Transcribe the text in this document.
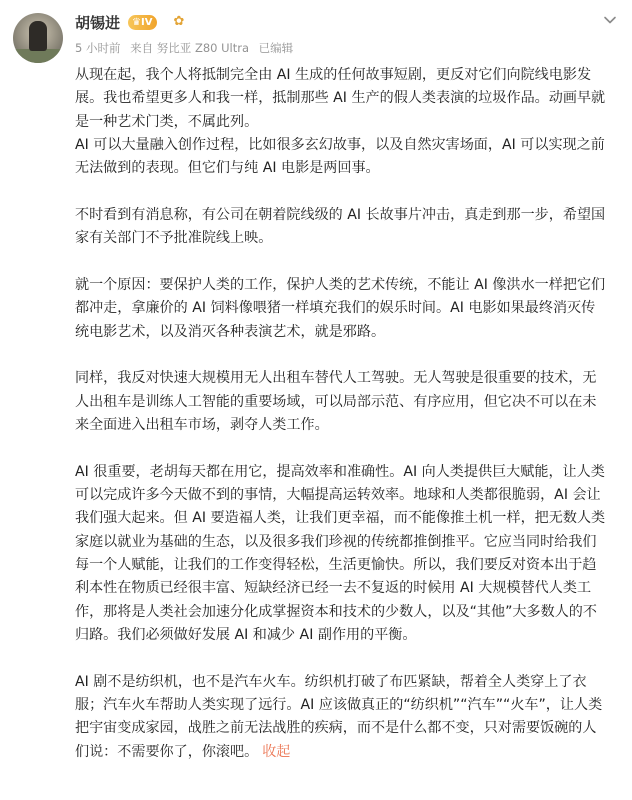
胡锡进	♛IV	✿
5 小时前 来自 努比亚 Z80 Ultra 已编辑

从现在起，我个人将抵制完全由 AI 生成的任何故事短剧，更反对它们向院线电影发展。我也希望更多人和我一样，抵制那些 AI 生产的假人类表演的垃圾作品。动画早就是一种艺术门类，不属此列。

AI 可以大量融入创作过程，比如很多玄幻故事，以及自然灾害场面，AI 可以实现之前无法做到的表现。但它们与纯 AI 电影是两回事。

不时看到有消息称，有公司在朝着院线级的 AI 长故事片冲击，真走到那一步，希望国家有关部门不予批准院线上映。

就一个原因：要保护人类的工作，保护人类的艺术传统，不能让 AI 像洪水一样把它们都冲走，拿廉价的 AI 饲料像喂猪一样填充我们的娱乐时间。AI 电影如果最终消灭传统电影艺术，以及消灭各种表演艺术，就是邪路。

同样，我反对快速大规模用无人出租车替代人工驾驶。无人驾驶是很重要的技术，无人出租车是训练人工智能的重要场域，可以局部示范、有序应用，但它决不可以在未来全面进入出租车市场，剥夺人类工作。

AI 很重要，老胡每天都在用它，提高效率和准确性。AI 向人类提供巨大赋能，让人类可以完成许多今天做不到的事情，大幅提高运转效率。地球和人类都很脆弱，AI 会让我们强大起来。但 AI 要造福人类，让我们更幸福，而不能像推土机一样，把无数人类家庭以就业为基础的生态，以及很多我们珍视的传统都推倒推平。它应当同时给我们每一个人赋能，让我们的工作变得轻松，生活更愉快。所以，我们要反对资本出于趋利本性在物质已经很丰富、短缺经济已经一去不复返的时候用 AI 大规模替代人类工作，那将是人类社会加速分化成掌握资本和技术的少数人，以及“其他”大多数人的不归路。我们必须做好发展 AI 和减少 AI 副作用的平衡。

AI 剧不是纺织机，也不是汽车火车。纺织机打破了布匹紧缺，帮着全人类穿上了衣服；汽车火车帮助人类实现了远行。AI 应该做真正的“纺织机”“汽车”“火车”，让人类把宇宙变成家园，战胜之前无法战胜的疾病，而不是什么都不变，只对需要饭碗的人们说：不需要你了，你滚吧。 收起
